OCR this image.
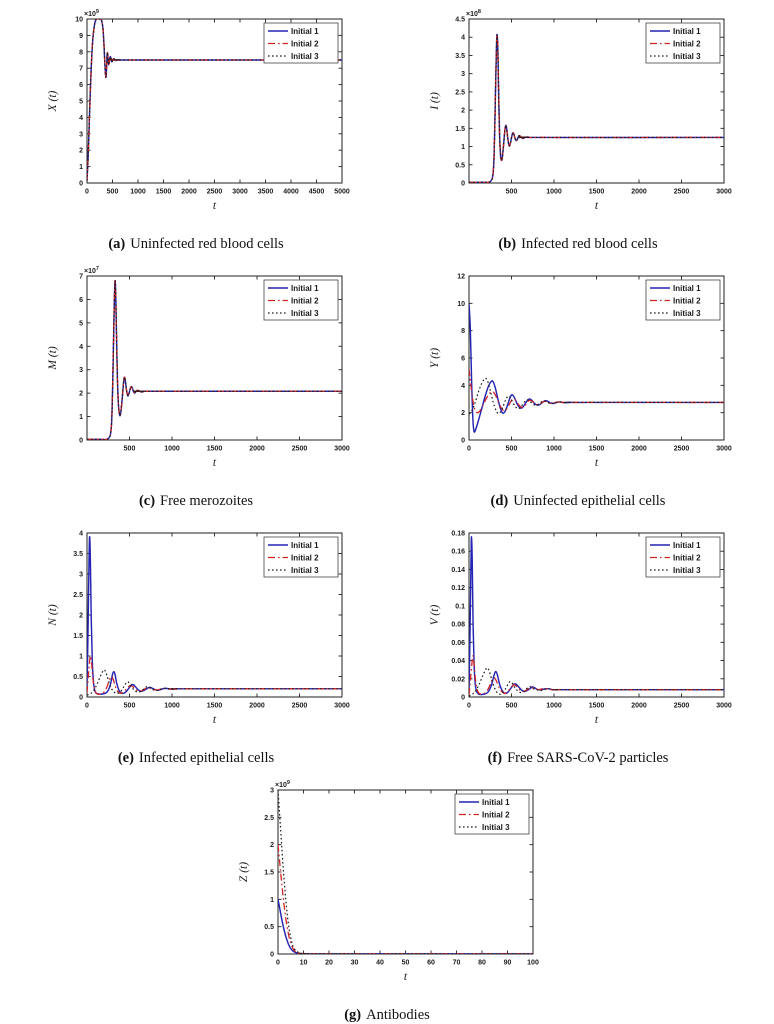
0	500 1000 1500 2000 2500 3000 3500 4000 4500 5000
0
1
2
3
4
5
6
7
8
9
10
$\times 10^9$
X (t)
t
Initial 1
Initial 2
Initial 3
(a) Uninfected red blood cells
500	1000	1500	2000	2500	3000
0
0.5
1
1.5
2
2.5
3
3.5
4
4.5
$\times 10^8$
I (t)
t
Initial 1
Initial 2
Initial 3
(b) Infected red blood cells
500	1000	1500	2000	2500	3000
0
1
2
3
4
5
6
7
$\times 10^7$
M (t)
t
Initial 1
Initial 2
Initial 3
(c) Free merozoites
0	500	1000	1500	2000	2500	3000
0
2
4
6
8
10
12
Y (t)
t
Initial 1
Initial 2
Initial 3
(d) Uninfected epithelial cells
0	500	1000	1500	2000	2500	3000
0
0.5
1
1.5
2
2.5
3
3.5
4
N (t)
t
Initial 1
Initial 2
Initial 3
(e) Infected epithelial cells
0	500	1000	1500	2000	2500	3000
0
0.02
0.04
0.06
0.08
0.1
0.12
0.14
0.16
0.18
V (t)
t
Initial 1
Initial 2
Initial 3
(f) Free SARS-CoV-2 particles
0	10	20	30	40	50	60	70	80	90 100
0
0.5
1
1.5
2
2.5
3
$\times 10^9$
Z (t)
t
Initial 1
Initial 2
Initial 3
(g) Antibodies
